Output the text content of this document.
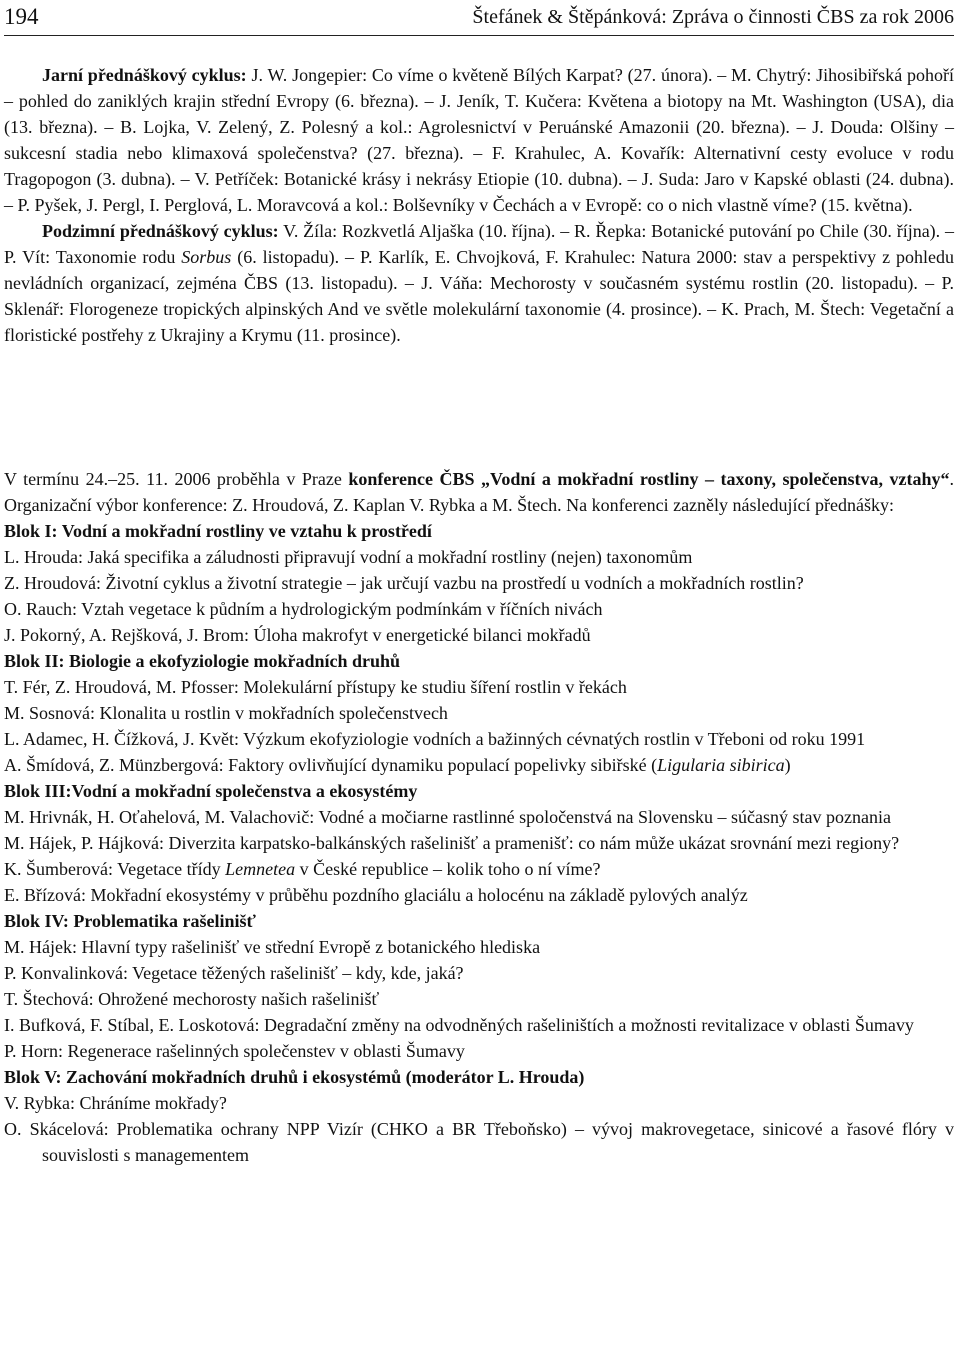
194	Štefánek & Štěpánková: Zpráva o činnosti ČBS za rok 2006

Jarní přednáškový cyklus: J. W. Jongepier: Co víme o květeně Bílých Karpat? (27. února). – M. Chytrý: Jihosibiřská pohoří – pohled do zaniklých krajin střední Evropy (6. března). – J. Jeník, T. Kučera: Květena a biotopy na Mt. Washington (USA), dia (13. března). – B. Lojka, V. Zelený, Z. Polesný a kol.: Agrolesnictví v Peruánské Amazonii (20. března). – J. Douda: Olšiny – sukcesní stadia nebo klimaxová společenstva? (27. března). – F. Krahulec, A. Kovařík: Alternativní cesty evoluce v rodu Tragopogon (3. dubna). – V. Petříček: Botanické krásy i nekrásy Etiopie (10. dubna). – J. Suda: Jaro v Kapské oblasti (24. dubna). – P. Pyšek, J. Pergl, I. Perglová, L. Moravcová a kol.: Bolševníky v Čechách a v Evropě: co o nich vlastně víme? (15. května).

Podzimní přednáškový cyklus: V. Žíla: Rozkvetlá Aljaška (10. října). – R. Řepka: Botanické putování po Chile (30. října). – P. Vít: Taxonomie rodu Sorbus (6. listopadu). – P. Karlík, E. Chvojková, F. Krahulec: Natura 2000: stav a perspektivy z pohledu nevládních organizací, zejména ČBS (13. listopadu). – J. Váňa: Mechorosty v současném systému rostlin (20. listopadu). – P. Sklenář: Florogeneze tropických alpinských And ve světle molekulární taxonomie (4. prosince). – K. Prach, M. Štech: Vegetační a floristické postřehy z Ukrajiny a Krymu (11. prosince).

V termínu 24.–25. 11. 2006 proběhla v Praze konference ČBS „Vodní a mokřadní rostliny – taxony, společenstva, vztahy“. Organizační výbor konference: Z. Hroudová, Z. Kaplan V. Rybka a M. Štech. Na konferenci zazněly následující přednášky:

Blok I: Vodní a mokřadní rostliny ve vztahu k prostředí

L. Hrouda: Jaká specifika a záludnosti připravují vodní a mokřadní rostliny (nejen) taxonomům

Z. Hroudová: Životní cyklus a životní strategie – jak určují vazbu na prostředí u vodních a mokřadních rostlin?

O. Rauch: Vztah vegetace k půdním a hydrologickým podmínkám v říčních nivách

J. Pokorný, A. Rejšková, J. Brom: Úloha makrofyt v energetické bilanci mokřadů

Blok II: Biologie a ekofyziologie mokřadních druhů

T. Fér, Z. Hroudová, M. Pfosser: Molekulární přístupy ke studiu šíření rostlin v řekách

M. Sosnová: Klonalita u rostlin v mokřadních společenstvech

L. Adamec, H. Čížková, J. Květ: Výzkum ekofyziologie vodních a bažinných cévnatých rostlin v Třeboni od roku 1991

A. Šmídová, Z. Münzbergová: Faktory ovlivňující dynamiku populací popelivky sibiřské (Ligularia sibirica)

Blok III:Vodní a mokřadní společenstva a ekosystémy

M. Hrivnák, H. Oťahelová, M. Valachovič: Vodné a močiarne rastlinné spoločenstvá na Slovensku – súčasný stav poznania

M. Hájek, P. Hájková: Diverzita karpatsko-balkánských rašelinišť a pramenišť: co nám může ukázat srovnání mezi regiony?

K. Šumberová: Vegetace třídy Lemnetea v České republice – kolik toho o ní víme?

E. Břízová: Mokřadní ekosystémy v průběhu pozdního glaciálu a holocénu na základě pylových analýz

Blok IV: Problematika rašelinišť

M. Hájek: Hlavní typy rašelinišť ve střední Evropě z botanického hlediska

P. Konvalinková: Vegetace těžených rašelinišť – kdy, kde, jaká?

T. Štechová: Ohrožené mechorosty našich rašelinišť

I. Bufková, F. Stíbal, E. Loskotová: Degradační změny na odvodněných rašeliništích a možnosti revitalizace v oblasti Šumavy

P. Horn: Regenerace rašelinných společenstev v oblasti Šumavy

Blok V: Zachování mokřadních druhů i ekosystémů (moderátor L. Hrouda)

V. Rybka: Chráníme mokřady?

O. Skácelová: Problematika ochrany NPP Vizír (CHKO a BR Třeboňsko) – vývoj makrovegetace, sinicové a řasové flóry v souvislosti s managementem
